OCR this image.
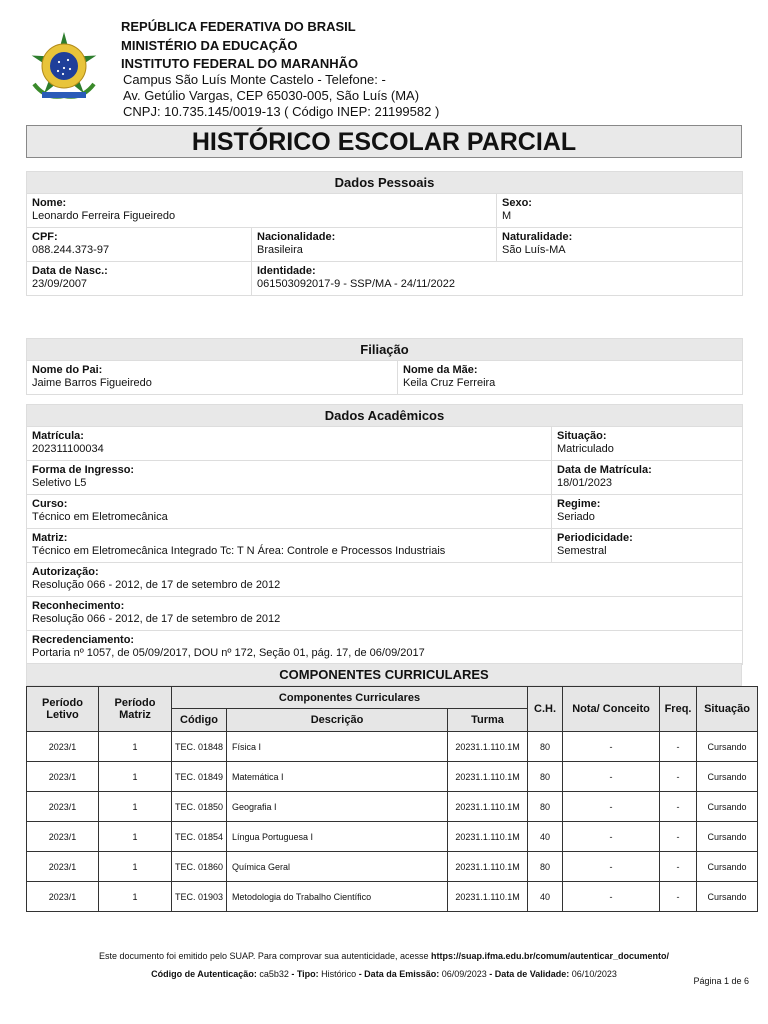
REPÚBLICA FEDERATIVA DO BRASIL
MINISTÉRIO DA EDUCAÇÃO
INSTITUTO FEDERAL DO MARANHÃO
Campus São Luís Monte Castelo - Telefone: -
Av. Getúlio Vargas, CEP 65030-005, São Luís (MA)
CNPJ: 10.735.145/0019-13 ( Código INEP: 21199582 )
HISTÓRICO ESCOLAR PARCIAL
Dados Pessoais		

Nome:
Leonardo Ferreira Figueiredo		Sexo:
M

CPF:
088.244.373-97	Nacionalidade:
Brasileira	Naturalidade:
São Luís-MA

Data de Nasc.:
23/09/2007	Identidade:
061503092017-9 - SSP/MA - 24/11/2022	
Filiação

Nome do Pai:
Jaime Barros Figueiredo

Nome da Mãe:
Keila Cruz Ferreira
Dados Acadêmicos	

Matrícula:
202311100034	Situação:
Matriculado

Forma de Ingresso:
Seletivo L5	Data de Matrícula:
18/01/2023

Curso:
Técnico em Eletromecânica	Regime:
Seriado

Matriz:
Técnico em Eletromecânica Integrado Tc: T N Área: Controle e Processos Industriais	Periodicidade:
Semestral

Autorização:
Resolução 066 - 2012, de 17 de setembro de 2012	

Reconhecimento:
Resolução 066 - 2012, de 17 de setembro de 2012	

Recredenciamento:
Portaria nº 1057, de 05/09/2017, DOU nº 172, Seção 01, pág. 17, de 06/09/2017	
COMPONENTES CURRICULARES
Período Letivo	Período Matriz	Componentes Curriculares			C.H.	Nota/ Conceito	Freq.	Situação
		Código	Descrição	Turma				
2023/1	1	TEC. 01848	Física I	20231.1.110.1M	80	-	-	Cursando
2023/1	1	TEC. 01849	Matemática I	20231.1.110.1M	80	-	-	Cursando
2023/1	1	TEC. 01850	Geografia I	20231.1.110.1M	80	-	-	Cursando
2023/1	1	TEC. 01854	Língua Portuguesa I	20231.1.110.1M	40	-	-	Cursando
2023/1	1	TEC. 01860	Química Geral	20231.1.110.1M	80	-	-	Cursando
2023/1	1	TEC. 01903	Metodologia do Trabalho Científico	20231.1.110.1M	40	-	-	Cursando
Este documento foi emitido pelo SUAP. Para comprovar sua autenticidade, acesse https://suap.ifma.edu.br/comum/autenticar_documento/
Código de Autenticação: ca5b32 - Tipo: Histórico - Data da Emissão: 06/09/2023 - Data de Validade: 06/10/2023
Página 1 de 6
